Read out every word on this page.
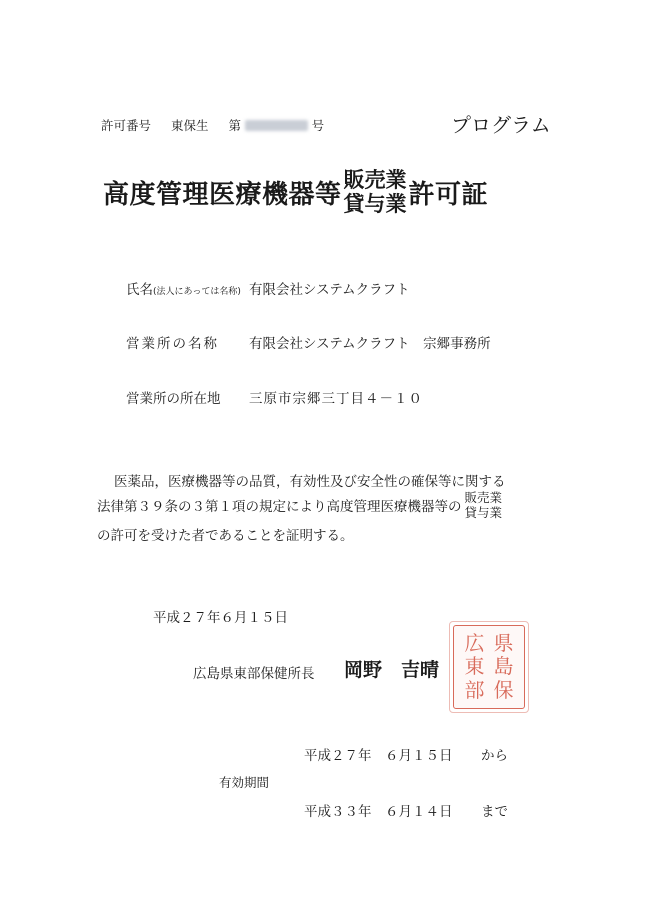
許可番号 東保生 第	号	プログラム
高度管理医療機器等 販売業
貸与業 許可証
氏名(法人にあっては名称) 有限会社システムクラフト
営業所の名称 有限会社システムクラフト　宗郷事務所
営業所の所在地 三原市宗郷三丁目４－１０
医薬品，医療機器等の品質，有効性及び安全性の確保等に関する
法律第３９条の３第１項の規定により高度管理医療機器等の
販売業
貸与業
の許可を受けた者であることを証明する。
平成２７年６月１５日
広島県東部保健所長 岡野　吉晴
広 県
東 島
部 保
平成２７年　６月１５日 から
有効期間
平成３３年　６月１４日 まで
